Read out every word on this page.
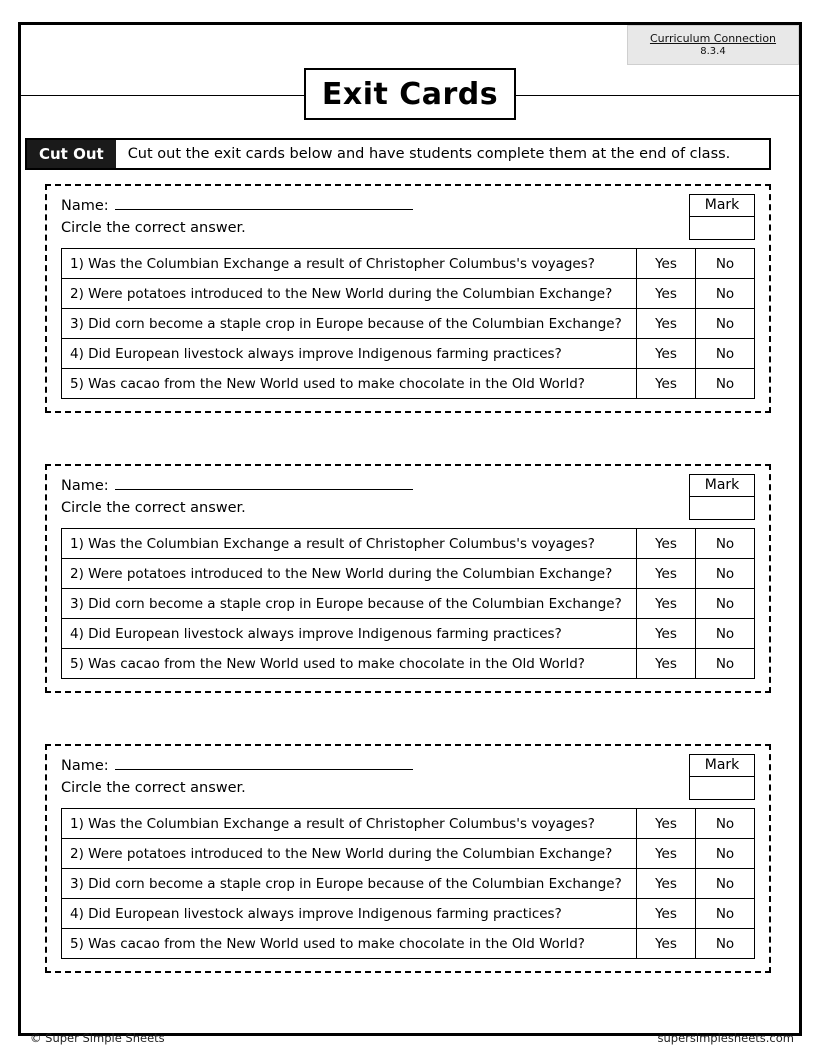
Curriculum Connection
8.3.4
Exit Cards
Cut Out	Cut out the exit cards below and have students complete them at the end of class.
Name:
Circle the correct answer.
Mark
1) Was the Columbian Exchange a result of Christopher Columbus's voyages?	Yes	No
2) Were potatoes introduced to the New World during the Columbian Exchange?	Yes	No
3) Did corn become a staple crop in Europe because of the Columbian Exchange?	Yes	No
4) Did European livestock always improve Indigenous farming practices?	Yes	No
5) Was cacao from the New World used to make chocolate in the Old World?	Yes	No
Name:
Circle the correct answer.
Mark
1) Was the Columbian Exchange a result of Christopher Columbus's voyages?	Yes	No
2) Were potatoes introduced to the New World during the Columbian Exchange?	Yes	No
3) Did corn become a staple crop in Europe because of the Columbian Exchange?	Yes	No
4) Did European livestock always improve Indigenous farming practices?	Yes	No
5) Was cacao from the New World used to make chocolate in the Old World?	Yes	No
Name:
Circle the correct answer.
Mark
1) Was the Columbian Exchange a result of Christopher Columbus's voyages?	Yes	No
2) Were potatoes introduced to the New World during the Columbian Exchange?	Yes	No
3) Did corn become a staple crop in Europe because of the Columbian Exchange?	Yes	No
4) Did European livestock always improve Indigenous farming practices?	Yes	No
5) Was cacao from the New World used to make chocolate in the Old World?	Yes	No
© Super Simple Sheets	supersimplesheets.com
